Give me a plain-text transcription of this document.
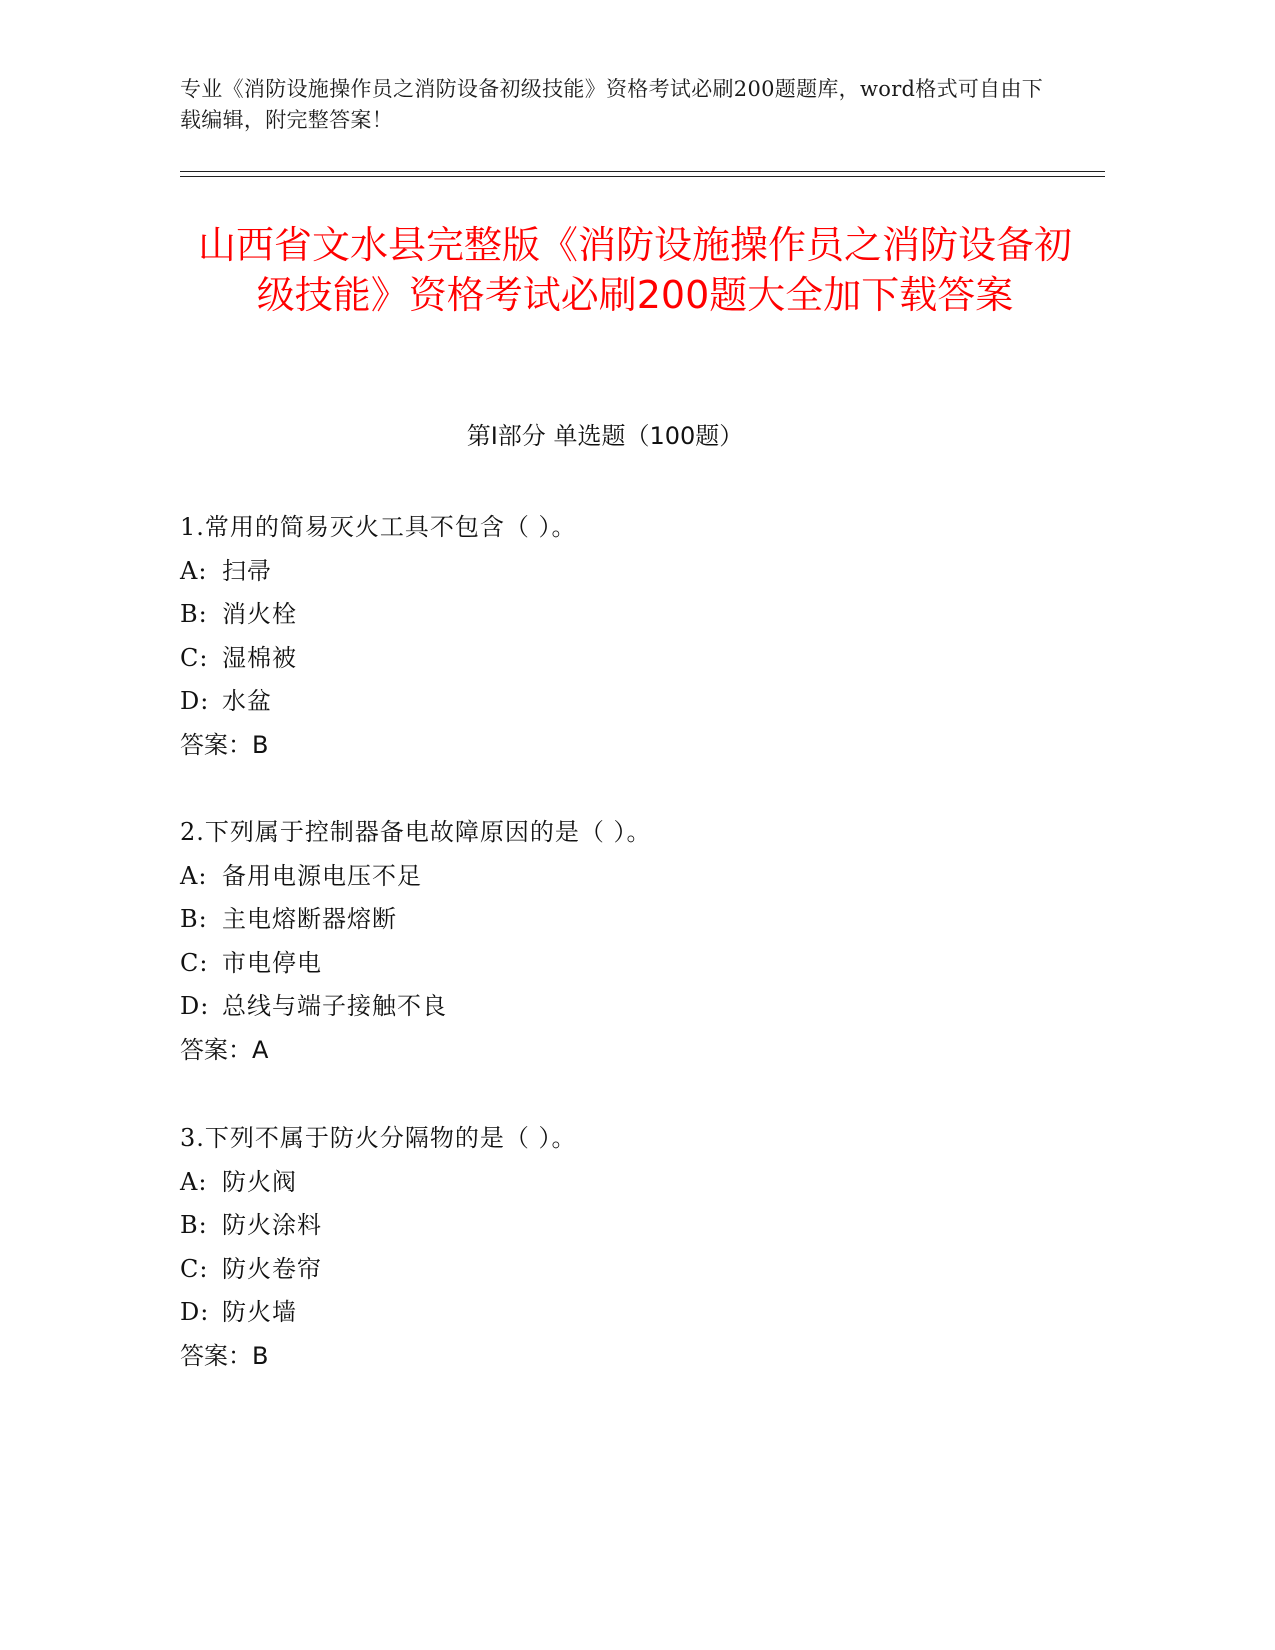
专业《消防设施操作员之消防设备初级技能》资格考试必刷200题题库，word格式可自由下载编辑，附完整答案！
山西省文水县完整版《消防设施操作员之消防设备初级技能》资格考试必刷200题大全加下载答案
第Ⅰ部分 单选题（100题）
1.常用的简易灭火工具不包含（ ）。
A: 扫帚
B: 消火栓
C: 湿棉被
D: 水盆
答案：B
2.下列属于控制器备电故障原因的是（ ）。
A: 备用电源电压不足
B: 主电熔断器熔断
C: 市电停电
D: 总线与端子接触不良
答案：A
3.下列不属于防火分隔物的是（ ）。
A: 防火阀
B: 防火涂料
C: 防火卷帘
D: 防火墙
答案：B
